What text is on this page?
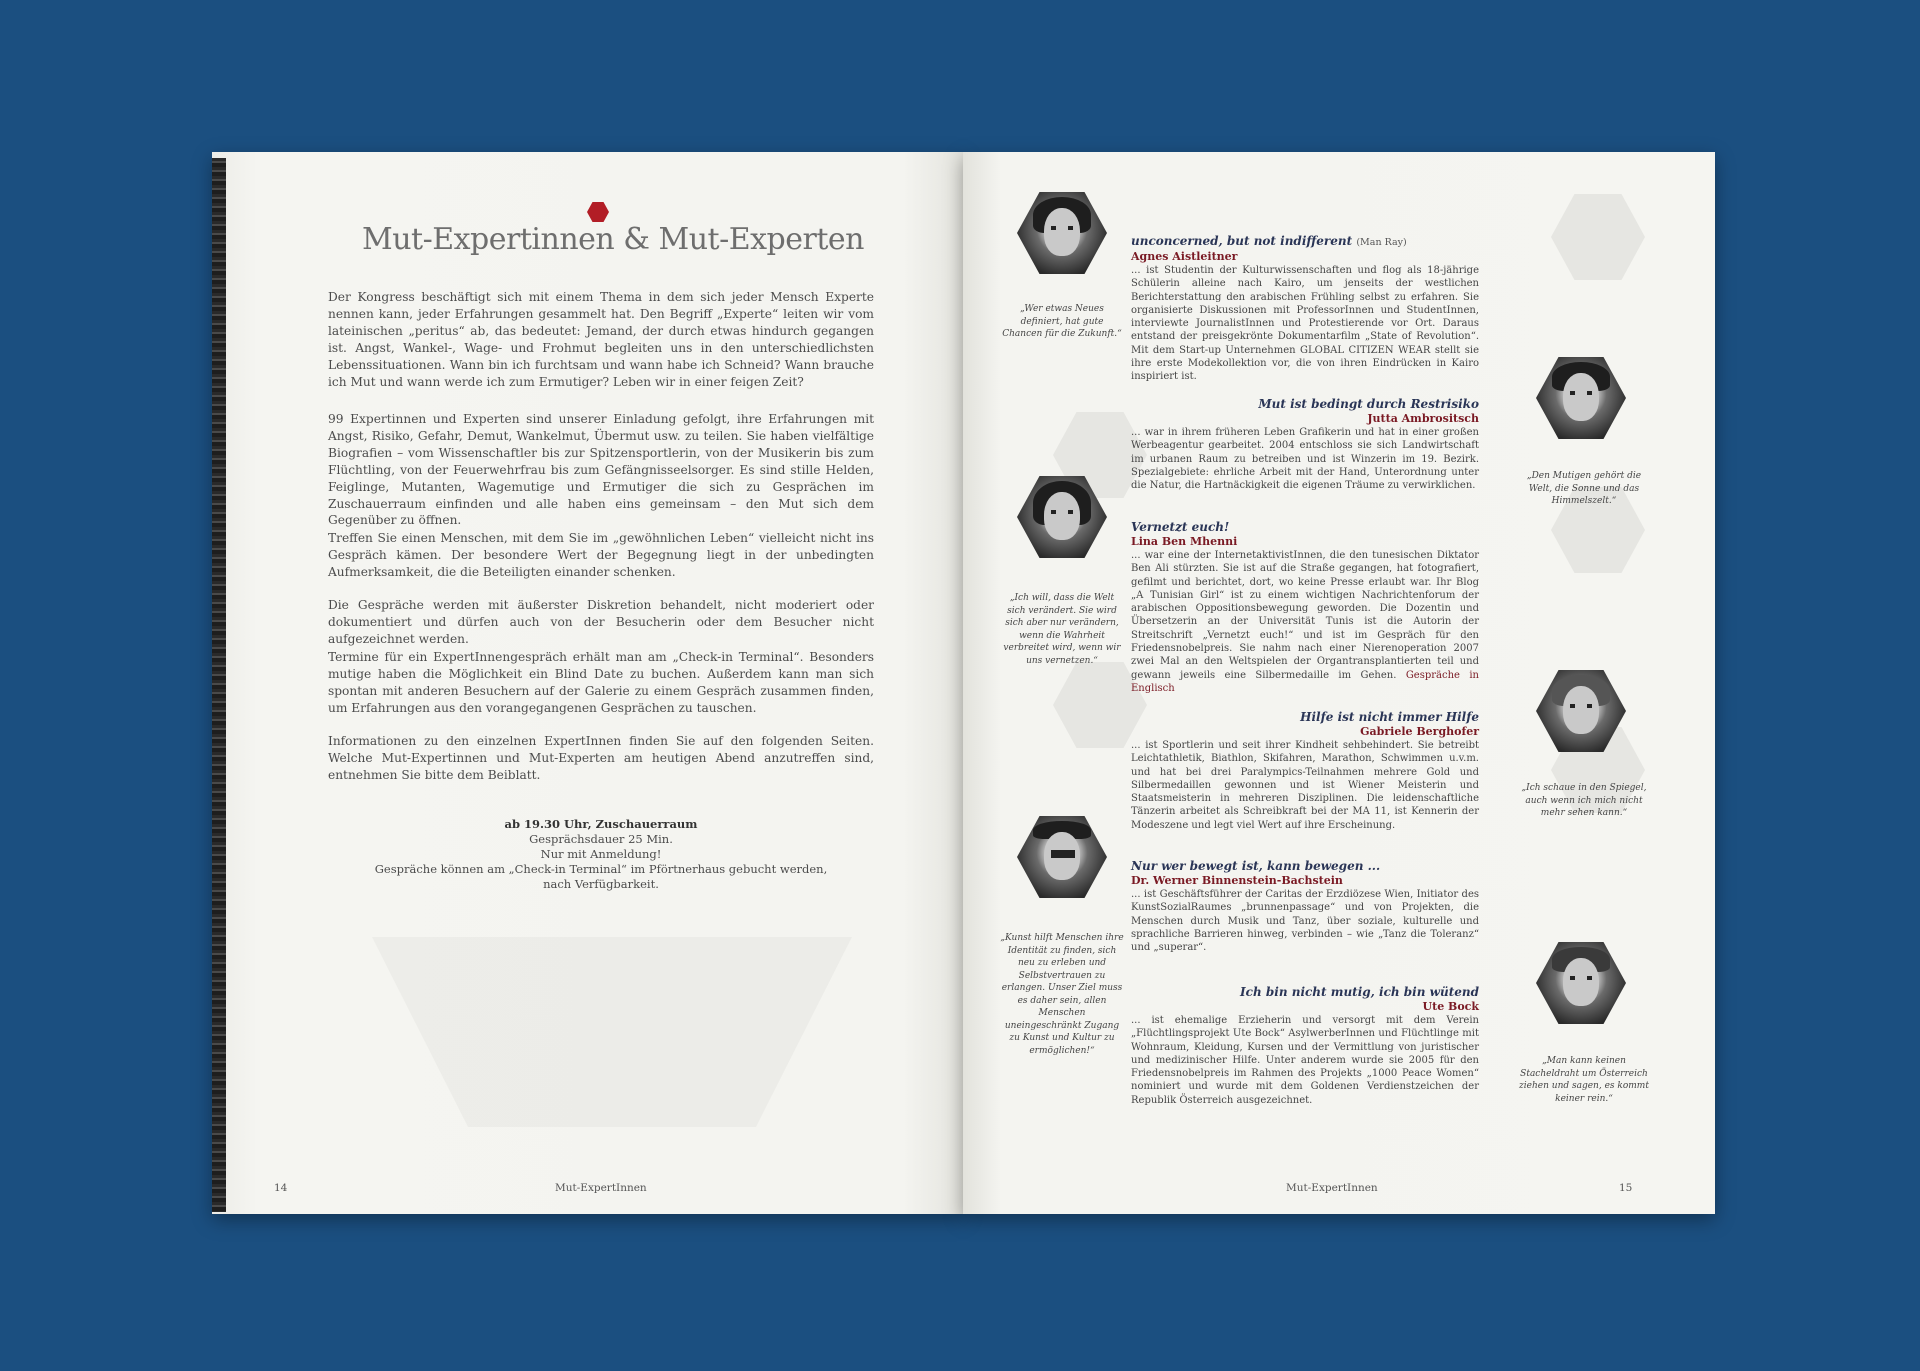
Mut-Expertinnen & Mut-Experten

Der Kongress beschäftigt sich mit einem Thema in dem sich jeder Mensch Experte nennen kann, jeder Erfahrungen gesammelt hat. Den Begriff „Experte“ leiten wir vom lateinischen „peritus“ ab, das bedeutet: Jemand, der durch etwas hindurch gegangen ist. Angst, Wankel-, Wage- und Frohmut begleiten uns in den unterschiedlichsten Lebenssituationen. Wann bin ich furchtsam und wann habe ich Schneid? Wann brauche ich Mut und wann werde ich zum Ermutiger? Leben wir in einer feigen Zeit?

99 Expertinnen und Experten sind unserer Einladung gefolgt, ihre Erfahrungen mit Angst, Risiko, Gefahr, Demut, Wankelmut, Übermut usw. zu teilen. Sie haben vielfältige Biografien – vom Wissenschaftler bis zur Spitzensportlerin, von der Musikerin bis zum Flüchtling, von der Feuerwehrfrau bis zum Gefängnisseelsorger. Es sind stille Helden, Feiglinge, Mutanten, Wagemutige und Ermutiger die sich zu Gesprächen im Zuschauerraum einfinden und alle haben eins gemeinsam – den Mut sich dem Gegenüber zu öffnen.

Treffen Sie einen Menschen, mit dem Sie im „gewöhnlichen Leben“ vielleicht nicht ins Gespräch kämen. Der besondere Wert der Begegnung liegt in der unbedingten Aufmerksamkeit, die die Beteiligten einander schenken.

Die Gespräche werden mit äußerster Diskretion behandelt, nicht moderiert oder dokumentiert und dürfen auch von der Besucherin oder dem Besucher nicht aufgezeichnet werden.

Termine für ein ExpertInnengespräch erhält man am „Check-in Terminal“. Besonders mutige haben die Möglichkeit ein Blind Date zu buchen. Außerdem kann man sich spontan mit anderen Besuchern auf der Galerie zu einem Gespräch zusammen finden, um Erfahrungen aus den vorangegangenen Gesprächen zu tauschen.

Informationen zu den einzelnen ExpertInnen finden Sie auf den folgenden Seiten. Welche Mut-Expertinnen und Mut-Experten am heutigen Abend anzutreffen sind, entnehmen Sie bitte dem Beiblatt.

ab 19.30 Uhr, Zuschauerraum
Gesprächsdauer 25 Min.
Nur mit Anmeldung!
Gespräche können am „Check-in Terminal“ im Pförtnerhaus gebucht werden,
nach Verfügbarkeit.
14	Mut-ExpertInnen
„Wer etwas Neues definiert, hat gute Chancen für die Zukunft.“
unconcerned, but not indifferent (Man Ray)
Agnes Aistleitner
... ist Studentin der Kulturwissenschaften und flog als 18-jährige Schülerin alleine nach Kairo, um jenseits der westlichen Berichterstattung den arabischen Frühling selbst zu erfahren. Sie organisierte Diskussionen mit ProfessorInnen und StudentInnen, interviewte JournalistInnen und Protestierende vor Ort. Daraus entstand der preisgekrönte Dokumentarfilm „State of Revolution“. Mit dem Start-up Unternehmen GLOBAL CITIZEN WEAR stellt sie ihre erste Modekollektion vor, die von ihren Eindrücken in Kairo inspiriert ist.
„Den Mutigen gehört die Welt, die Sonne und das Himmelszelt.“
Mut ist bedingt durch Restrisiko
Jutta Ambrositsch
... war in ihrem früheren Leben Grafikerin und hat in einer großen Werbeagentur gearbeitet. 2004 entschloss sie sich Landwirtschaft im urbanen Raum zu betreiben und ist Winzerin im 19. Bezirk. Spezialgebiete: ehrliche Arbeit mit der Hand, Unterordnung unter die Natur, die Hartnäckigkeit die eigenen Träume zu verwirklichen.
„Ich will, dass die Welt sich verändert. Sie wird sich aber nur verändern, wenn die Wahrheit verbreitet wird, wenn wir uns vernetzen.“
Vernetzt euch!
Lina Ben Mhenni
... war eine der InternetaktivistInnen, die den tunesischen Diktator Ben Ali stürzten. Sie ist auf die Straße gegangen, hat fotografiert, gefilmt und berichtet, dort, wo keine Presse erlaubt war. Ihr Blog „A Tunisian Girl“ ist zu einem wichtigen Nachrichtenforum der arabischen Oppositionsbewegung geworden. Die Dozentin und Übersetzerin an der Universität Tunis ist die Autorin der Streitschrift „Vernetzt euch!“ und ist im Gespräch für den Friedensnobelpreis. Sie nahm nach einer Nierenoperation 2007 zwei Mal an den Weltspielen der Organtransplantierten teil und gewann jeweils eine Silbermedaille im Gehen. Gespräche in Englisch
„Ich schaue in den Spiegel, auch wenn ich mich nicht mehr sehen kann.“
Hilfe ist nicht immer Hilfe
Gabriele Berghofer
... ist Sportlerin und seit ihrer Kindheit sehbehindert. Sie betreibt Leichtathletik, Biathlon, Skifahren, Marathon, Schwimmen u.v.m. und hat bei drei Paralympics-Teilnahmen mehrere Gold und Silbermedaillen gewonnen und ist Wiener Meisterin und Staatsmeisterin in mehreren Disziplinen. Die leidenschaftliche Tänzerin arbeitet als Schreibkraft bei der MA 11, ist Kennerin der Modeszene und legt viel Wert auf ihre Erscheinung.
„Kunst hilft Menschen ihre Identität zu finden, sich neu zu erleben und Selbstvertrauen zu erlangen. Unser Ziel muss es daher sein, allen Menschen uneingeschränkt Zugang zu Kunst und Kultur zu ermöglichen!“
Nur wer bewegt ist, kann bewegen ...
Dr. Werner Binnenstein-Bachstein
... ist Geschäftsführer der Caritas der Erzdiözese Wien, Initiator des KunstSozialRaumes „brunnenpassage“ und von Projekten, die Menschen durch Musik und Tanz, über soziale, kulturelle und sprachliche Barrieren hinweg, verbinden – wie „Tanz die Toleranz“ und „superar“.
„Man kann keinen Stacheldraht um Österreich ziehen und sagen, es kommt keiner rein.“
Ich bin nicht mutig, ich bin wütend
Ute Bock
... ist ehemalige Erzieherin und versorgt mit dem Verein „Flüchtlingsprojekt Ute Bock“ AsylwerberInnen und Flüchtlinge mit Wohnraum, Kleidung, Kursen und der Vermittlung von juristischer und medizinischer Hilfe. Unter anderem wurde sie 2005 für den Friedensnobelpreis im Rahmen des Projekts „1000 Peace Women“ nominiert und wurde mit dem Goldenen Verdienstzeichen der Republik Österreich ausgezeichnet.
Mut-ExpertInnen	15
